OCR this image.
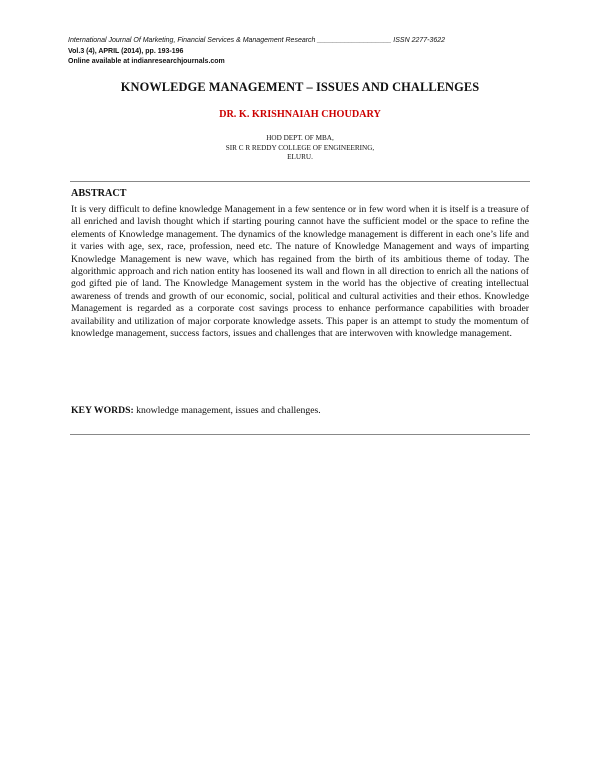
International Journal Of Marketing, Financial Services & Management Research ___________________ ISSN 2277-3622
Vol.3 (4), APRIL (2014), pp. 193-196
Online available at indianresearchjournals.com
KNOWLEDGE MANAGEMENT – ISSUES AND CHALLENGES
DR. K. KRISHNAIAH CHOUDARY
HOD DEPT. OF MBA,
SIR C R REDDY COLLEGE OF ENGINEERING,
ELURU.
ABSTRACT
It is very difficult to define knowledge Management in a few sentence or in few word when it is itself is a treasure of all enriched and lavish thought which if starting pouring cannot have the sufficient model or the space to refine the elements of Knowledge management. The dynamics of the knowledge management is different in each one’s life and it varies with age, sex, race, profession, need etc. The nature of Knowledge Management and ways of imparting Knowledge Management is new wave, which has regained from the birth of its ambitious theme of today. The algorithmic approach and rich nation entity has loosened its wall and flown in all direction to enrich all the nations of god gifted pie of land. The Knowledge Management system in the world has the objective of creating intellectual awareness of trends and growth of our economic, social, political and cultural activities and their ethos. Knowledge Management is regarded as a corporate cost savings process to enhance performance capabilities with broader availability and utilization of major corporate knowledge assets. This paper is an attempt to study the momentum of knowledge management, success factors, issues and challenges that are interwoven with knowledge management.
KEY WORDS: knowledge management, issues and challenges.
